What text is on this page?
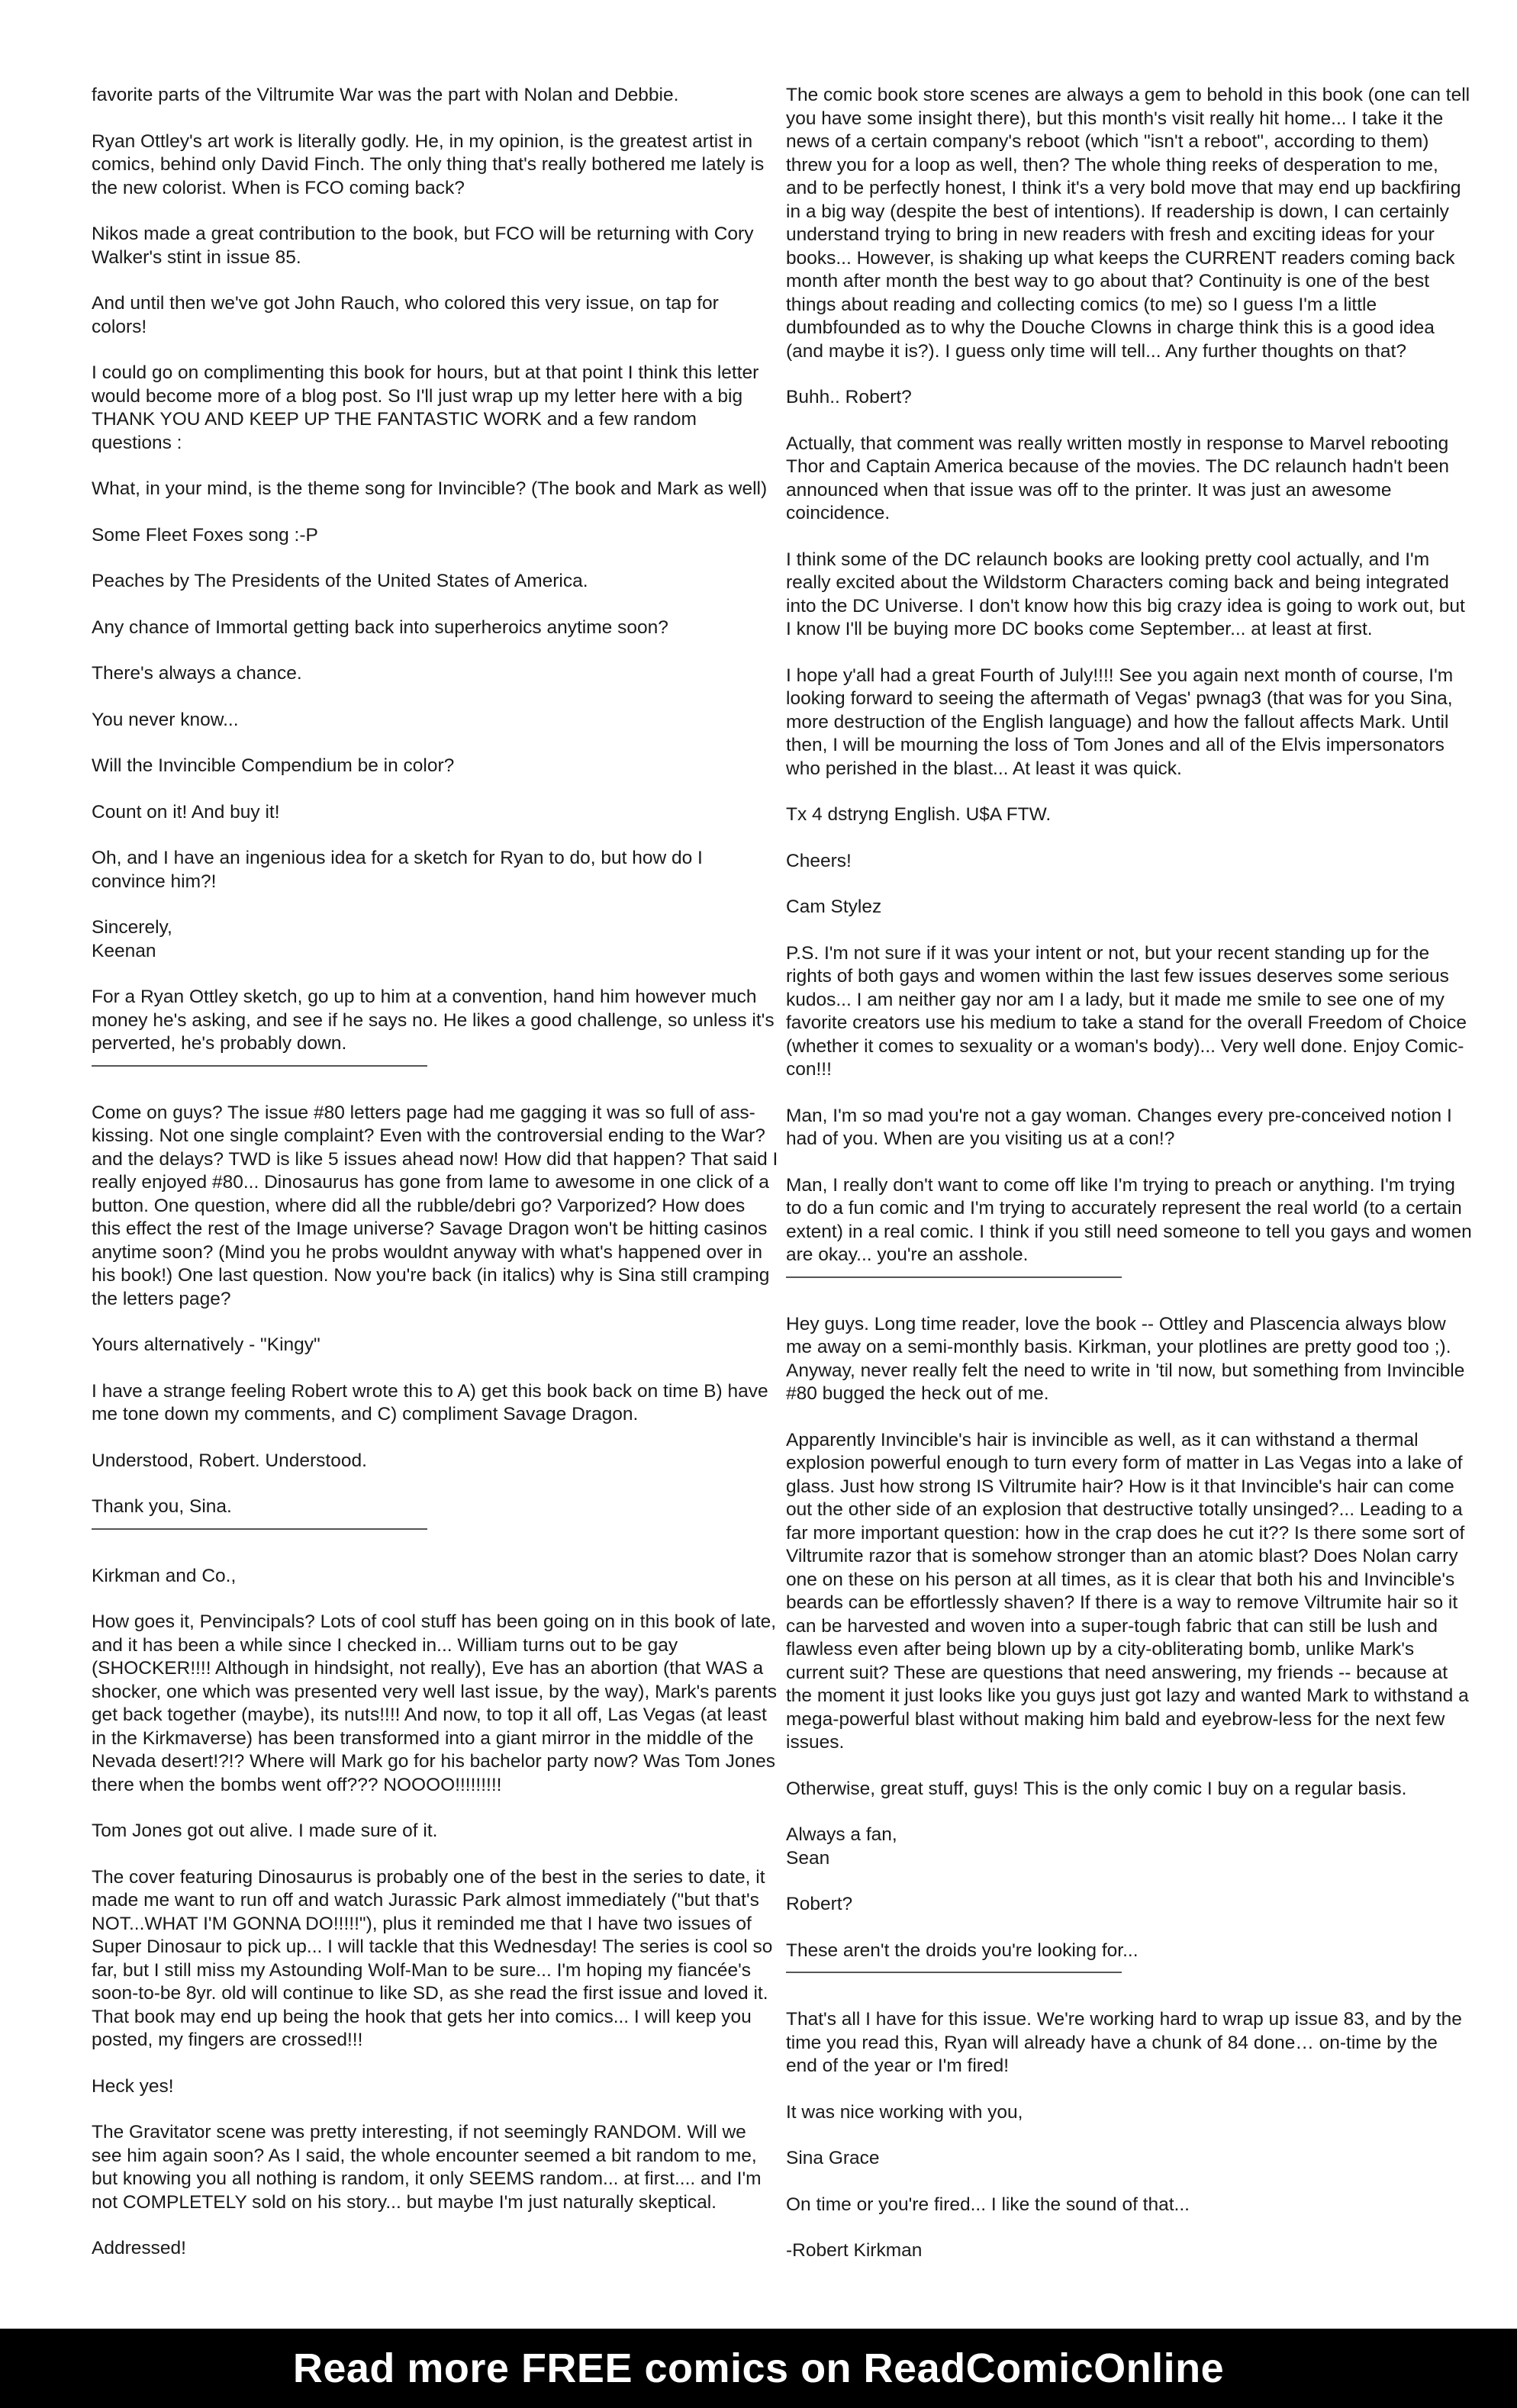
favorite parts of the Viltrumite War was the part with Nolan and Debbie.

Ryan Ottley's art work is literally godly. He, in my opinion, is the greatest artist in comics, behind only David Finch. The only thing that's really bothered me lately is the new colorist. When is FCO coming back?

Nikos made a great contribution to the book, but FCO will be returning with Cory Walker's stint in issue 85.

And until then we've got John Rauch, who colored this very issue, on tap for colors!

I could go on complimenting this book for hours, but at that point I think this letter would become more of a blog post. So I'll just wrap up my letter here with a big THANK YOU AND KEEP UP THE FANTASTIC WORK and a few random questions :

What, in your mind, is the theme song for Invincible? (The book and Mark as well)

Some Fleet Foxes song :-P

Peaches by The Presidents of the United States of America.

Any chance of Immortal getting back into superheroics anytime soon?

There's always a chance.

You never know...

Will the Invincible Compendium be in color?

Count on it! And buy it!

Oh, and I have an ingenious idea for a sketch for Ryan to do, but how do I convince him?!

Sincerely,
Keenan

For a Ryan Ottley sketch, go up to him at a convention, hand him however much money he's asking, and see if he says no. He likes a good challenge, so unless it's perverted, he's probably down.

Come on guys? The issue #80 letters page had me gagging it was so full of ass-kissing. Not one single complaint? Even with the controversial ending to the War? and the delays? TWD is like 5 issues ahead now! How did that happen? That said I really enjoyed #80... Dinosaurus has gone from lame to awesome in one click of a button. One question, where did all the rubble/debri go? Varporized? How does this effect the rest of the Image universe? Savage Dragon won't be hitting casinos anytime soon? (Mind you he probs wouldnt anyway with what's happened over in his book!) One last question. Now you're back (in italics) why is Sina still cramping the letters page?

Yours alternatively - "Kingy"

I have a strange feeling Robert wrote this to A) get this book back on time B) have me tone down my comments, and C) compliment Savage Dragon.

Understood, Robert. Understood.

Thank you, Sina.

Kirkman and Co.,

How goes it, Penvincipals? Lots of cool stuff has been going on in this book of late, and it has been a while since I checked in... William turns out to be gay (SHOCKER!!!! Although in hindsight, not really), Eve has an abortion (that WAS a shocker, one which was presented very well last issue, by the way), Mark's parents get back together (maybe), its nuts!!!! And now, to top it all off, Las Vegas (at least in the Kirkmaverse) has been transformed into a giant mirror in the middle of the Nevada desert!?!? Where will Mark go for his bachelor party now? Was Tom Jones there when the bombs went off??? NOOOO!!!!!!!!!

Tom Jones got out alive. I made sure of it.

The cover featuring Dinosaurus is probably one of the best in the series to date, it made me want to run off and watch Jurassic Park almost immediately ("but that's NOT...WHAT I'M GONNA DO!!!!!"), plus it reminded me that I have two issues of Super Dinosaur to pick up... I will tackle that this Wednesday! The series is cool so far, but I still miss my Astounding Wolf-Man to be sure... I'm hoping my fiancée's soon-to-be 8yr. old will continue to like SD, as she read the first issue and loved it. That book may end up being the hook that gets her into comics... I will keep you posted, my fingers are crossed!!!

Heck yes!

The Gravitator scene was pretty interesting, if not seemingly RANDOM. Will we see him again soon? As I said, the whole encounter seemed a bit random to me, but knowing you all nothing is random, it only SEEMS random... at first.... and I'm not COMPLETELY sold on his story... but maybe I'm just naturally skeptical.

Addressed!

The comic book store scenes are always a gem to behold in this book (one can tell you have some insight there), but this month's visit really hit home... I take it the news of a certain company's reboot (which "isn't a reboot", according to them) threw you for a loop as well, then? The whole thing reeks of desperation to me, and to be perfectly honest, I think it's a very bold move that may end up backfiring in a big way (despite the best of intentions). If readership is down, I can certainly understand trying to bring in new readers with fresh and exciting ideas for your books... However, is shaking up what keeps the CURRENT readers coming back month after month the best way to go about that? Continuity is one of the best things about reading and collecting comics (to me) so I guess I'm a little dumbfounded as to why the Douche Clowns in charge think this is a good idea (and maybe it is?). I guess only time will tell... Any further thoughts on that?

Buhh.. Robert?

Actually, that comment was really written mostly in response to Marvel rebooting Thor and Captain America because of the movies. The DC relaunch hadn't been announced when that issue was off to the printer. It was just an awesome coincidence.

I think some of the DC relaunch books are looking pretty cool actually, and I'm really excited about the Wildstorm Characters coming back and being integrated into the DC Universe. I don't know how this big crazy idea is going to work out, but I know I'll be buying more DC books come September... at least at first.

I hope y'all had a great Fourth of July!!!! See you again next month of course, I'm looking forward to seeing the aftermath of Vegas' pwnag3 (that was for you Sina, more destruction of the English language) and how the fallout affects Mark. Until then, I will be mourning the loss of Tom Jones and all of the Elvis impersonators who perished in the blast... At least it was quick.

Tx 4 dstryng English. U$A FTW.

Cheers!

Cam Stylez

P.S. I'm not sure if it was your intent or not, but your recent standing up for the rights of both gays and women within the last few issues deserves some serious kudos... I am neither gay nor am I a lady, but it made me smile to see one of my favorite creators use his medium to take a stand for the overall Freedom of Choice (whether it comes to sexuality or a woman's body)... Very well done. Enjoy Comic-con!!!

Man, I'm so mad you're not a gay woman. Changes every pre-conceived notion I had of you. When are you visiting us at a con!?

Man, I really don't want to come off like I'm trying to preach or anything. I'm trying to do a fun comic and I'm trying to accurately represent the real world (to a certain extent) in a real comic. I think if you still need someone to tell you gays and women are okay... you're an asshole.

Hey guys. Long time reader, love the book -- Ottley and Plascencia always blow me away on a semi-monthly basis. Kirkman, your plotlines are pretty good too ;). Anyway, never really felt the need to write in 'til now, but something from Invincible #80 bugged the heck out of me.

Apparently Invincible's hair is invincible as well, as it can withstand a thermal explosion powerful enough to turn every form of matter in Las Vegas into a lake of glass. Just how strong IS Viltrumite hair? How is it that Invincible's hair can come out the other side of an explosion that destructive totally unsinged?... Leading to a far more important question: how in the crap does he cut it?? Is there some sort of Viltrumite razor that is somehow stronger than an atomic blast? Does Nolan carry one on these on his person at all times, as it is clear that both his and Invincible's beards can be effortlessly shaven? If there is a way to remove Viltrumite hair so it can be harvested and woven into a super-tough fabric that can still be lush and flawless even after being blown up by a city-obliterating bomb, unlike Mark's current suit? These are questions that need answering, my friends -- because at the moment it just looks like you guys just got lazy and wanted Mark to withstand a mega-powerful blast without making him bald and eyebrow-less for the next few issues.

Otherwise, great stuff, guys! This is the only comic I buy on a regular basis.

Always a fan,
Sean

Robert?

These aren't the droids you're looking for...

That's all I have for this issue. We're working hard to wrap up issue 83, and by the time you read this, Ryan will already have a chunk of 84 done… on-time by the end of the year or I'm fired!

It was nice working with you,

Sina Grace

On time or you're fired... I like the sound of that...

-Robert Kirkman

Read more FREE comics on ReadComicOnline
